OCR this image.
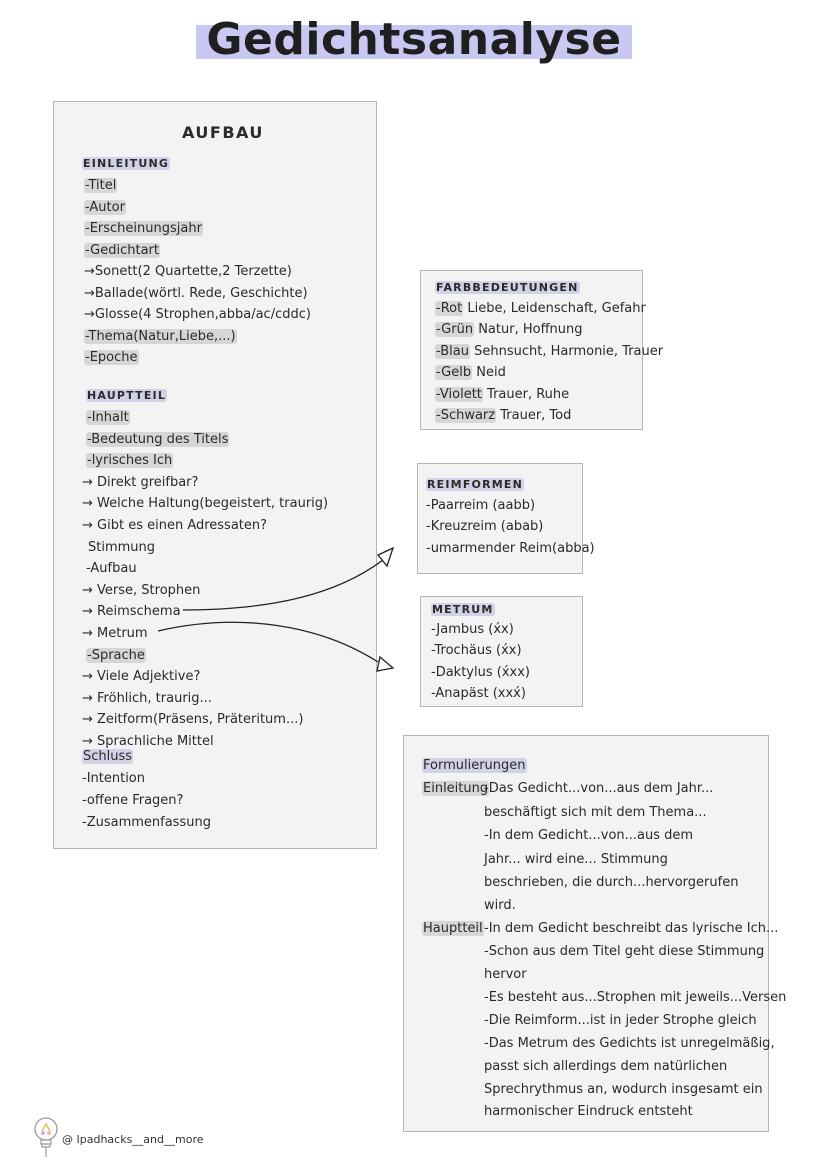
Gedichtsanalyse
AUFBAU
EINLEITUNG
-Titel
-Autor
-Erscheinungsjahr
-Gedichtart
→Sonett(2 Quartette,2 Terzette)
→Ballade(wörtl. Rede, Geschichte)
→Glosse(4 Strophen,abba/ac/cddc)
-Thema(Natur,Liebe,...)
-Epoche
HAUPTTEIL
-Inhalt
-Bedeutung des Titels
-lyrisches Ich
→ Direkt greifbar?
→ Welche Haltung(begeistert, traurig)
→ Gibt es einen Adressaten?
Stimmung
-Aufbau
→ Verse, Strophen
→ Reimschema
→ Metrum
-Sprache
→ Viele Adjektive?
→ Fröhlich, traurig...
→ Zeitform(Präsens, Präteritum...)
→ Sprachliche Mittel
Schluss
-Intention
-offene Fragen?
-Zusammenfassung
FARBBEDEUTUNGEN
-Rot Liebe, Leidenschaft, Gefahr
-Grün Natur, Hoffnung
-Blau Sehnsucht, Harmonie, Trauer
-Gelb Neid
-Violett Trauer, Ruhe
-Schwarz Trauer, Tod
REIMFORMEN
-Paarreim (aabb)
-Kreuzreim (abab)
-umarmender Reim(abba)
METRUM
-Jambus (x́x)
-Trochäus (x́x)
-Daktylus (x́xx)
-Anapäst (xxx́)
Formulierungen
Einleitung
-Das Gedicht...von...aus dem Jahr...
beschäftigt sich mit dem Thema...
-In dem Gedicht...von...aus dem
Jahr... wird eine... Stimmung
beschrieben, die durch...hervorgerufen
wird.
Hauptteil -In dem Gedicht beschreibt das lyrische Ich...
-Schon aus dem Titel geht diese Stimmung
hervor
-Es besteht aus...Strophen mit jeweils...Versen
-Die Reimform...ist in jeder Strophe gleich
-Das Metrum des Gedichts ist unregelmäßig,
passt sich allerdings dem natürlichen
Sprechrythmus an, wodurch insgesamt ein
harmonischer Eindruck entsteht
@ Ipadhacks__and__more
